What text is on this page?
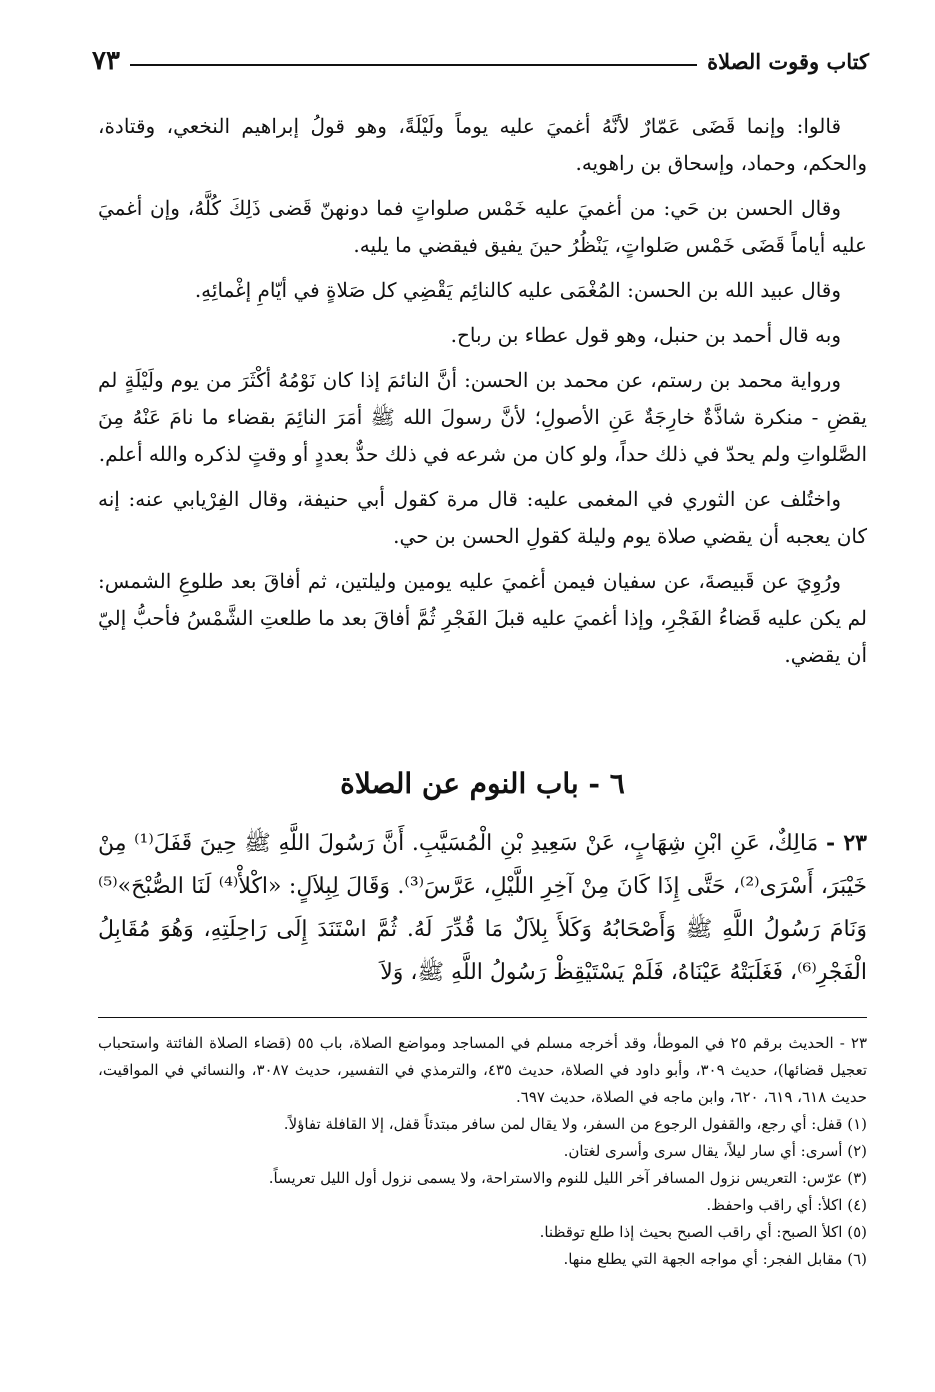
كتاب وقوت الصلاة
٧٣

قالوا: وإنما قَضَى عَمّارٌ لأنَّهُ أغميَ عليه يوماً ولَيْلَةً، وهو قولُ إبراهيم النخعي، وقتادة، والحكم، وحماد، وإسحاق بن راهويه.

وقال الحسن بن حَي: من أغميَ عليه خَمْس صلواتٍ فما دونهنّ قَضى ذَلِكَ كُلَّهُ، وإن أغميَ عليه أياماً قَضَى خَمْس صَلواتٍ، يَنْظُرُ حينَ يفيق فيقضي ما يليه.

وقال عبيد الله بن الحسن: المُغْمَى عليه كالنائِم يَقْضِي كل صَلاةٍ في أيّامِ إغْمائِهِ.

وبه قال أحمد بن حنبل، وهو قول عطاء بن رباح.

ورواية محمد بن رستم، عن محمد بن الحسن: أنَّ النائمَ إذا كان نَوْمُهُ أكْثَرَ من يوم ولَيْلَةٍ لم يقضِ - منكرة شاذَّةٌ خارِجَةٌ عَنِ الأصولِ؛ لأنَّ رسولَ الله ﷺ أمَرَ النائِمَ بقضاء ما نامَ عَنْهُ مِنَ الصَّلواتِ ولم يحدّ في ذلك حداً، ولو كان من شرعه في ذلك حدٌّ بعددٍ أو وقتٍ لذكره والله أعلم.

واختُلف عن الثوري في المغمى عليه: قال مرة كقول أبي حنيفة، وقال الفِرْيابي عنه: إنه كان يعجبه أن يقضي صلاة يوم وليلة كقولِ الحسن بن حي.

ورُوِيَ عن قَبيصةَ، عن سفيان فيمن أغميَ عليه يومين وليلتين، ثم أفاقَ بعد طلوعِ الشمس: لم يكن عليه قَضاءُ الفَجْرِ، وإذا أغميَ عليه قبلَ الفَجْرِ ثُمَّ أفاقَ بعد ما طلعتِ الشَّمْسُ فأحبُّ إليّ أن يقضي.

٦ - باب النوم عن الصلاة

٢٣ - مَالِكٌ، عَنِ ابْنِ شِهَابٍ، عَنْ سَعِيدِ بْنِ الْمُسَيَّبِ. أَنَّ رَسُولَ اللَّهِ ﷺ حِينَ قَفَلَ⁽¹⁾ مِنْ خَيْبَرَ، أَسْرَى⁽²⁾، حَتَّى إِذَا كَانَ مِنْ آخِرِ اللَّيْلِ، عَرَّسَ⁽³⁾. وَقَالَ لِبِلاَلٍ: «اكْلأْ⁽⁴⁾ لَنَا الصُّبْحَ»⁽⁵⁾ وَنَامَ رَسُولُ اللَّهِ ﷺ وَأَصْحَابُهُ وَكَلأَ بِلاَلٌ مَا قُدِّرَ لَهُ. ثُمَّ اسْتَنَدَ إِلَى رَاحِلَتِهِ، وَهُوَ مُقَابِلُ الْفَجْرِ⁽⁶⁾، فَغَلَبَتْهُ عَيْنَاهُ، فَلَمْ يَسْتَيْقِظْ رَسُولُ اللَّهِ ﷺ، وَلاَ

٢٣ - الحديث برقم ٢٥ في الموطأ، وقد أخرجه مسلم في المساجد ومواضع الصلاة، باب ٥٥ (قضاء الصلاة الفائتة واستحباب تعجيل قضائها)، حديث ٣٠٩، وأبو داود في الصلاة، حديث ٤٣٥، والترمذي في التفسير، حديث ٣٠٨٧، والنسائي في المواقيت، حديث ٦١٨، ٦١٩، ٦٢٠، وابن ماجه في الصلاة، حديث ٦٩٧.

(١) قفل: أي رجع، والقفول الرجوع من السفر، ولا يقال لمن سافر مبتدئاً قفل، إلا القافلة تفاؤلاً.

(٢) أسرى: أي سار ليلاً، يقال سرى وأسرى لغتان.

(٣) عرّس: التعريس نزول المسافر آخر الليل للنوم والاستراحة، ولا يسمى نزول أول الليل تعريساً.

(٤) اكلأ: أي راقب واحفظ.

(٥) اكلأ الصبح: أي راقب الصبح بحيث إذا طلع توقظنا.

(٦) مقابل الفجر: أي مواجه الجهة التي يطلع منها.
